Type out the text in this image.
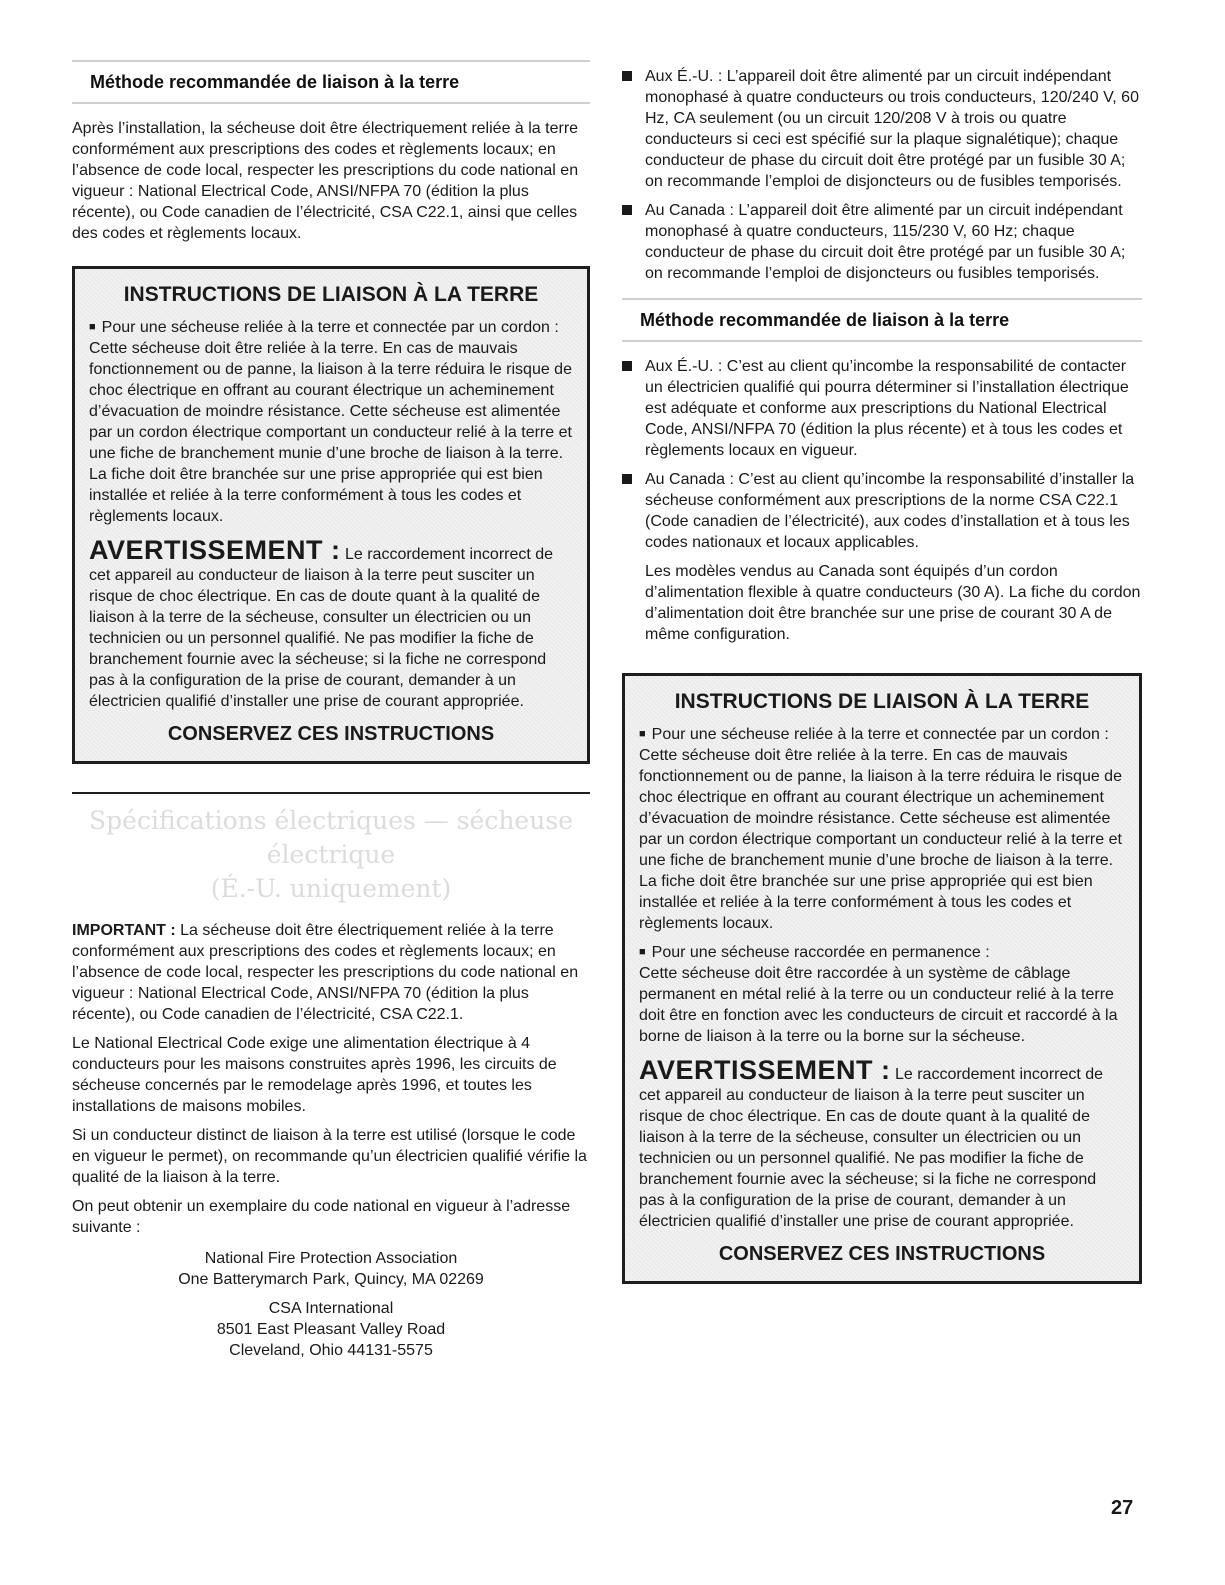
Méthode recommandée de liaison à la terre

Après l’installation, la sécheuse doit être électriquement reliée à la terre conformément aux prescriptions des codes et règlements locaux; en l’absence de code local, respecter les prescriptions du code national en vigueur : National Electrical Code, ANSI/NFPA 70 (édition la plus récente), ou Code canadien de l’électricité, CSA C22.1, ainsi que celles des codes et règlements locaux.

INSTRUCTIONS DE LIAISON À LA TERRE
■ Pour une sécheuse reliée à la terre et connectée par un cordon :
Cette sécheuse doit être reliée à la terre. En cas de mauvais fonctionnement ou de panne, la liaison à la terre réduira le risque de choc électrique en offrant au courant électrique un acheminement d’évacuation de moindre résistance. Cette sécheuse est alimentée par un cordon électrique comportant un conducteur relié à la terre et une fiche de branchement munie d’une broche de liaison à la terre. La fiche doit être branchée sur une prise appropriée qui est bien installée et reliée à la terre conformément à tous les codes et règlements locaux.
AVERTISSEMENT : Le raccordement incorrect de cet appareil au conducteur de liaison à la terre peut susciter un risque de choc électrique. En cas de doute quant à la qualité de liaison à la terre de la sécheuse, consulter un électricien ou un technicien ou un personnel qualifié. Ne pas modifier la fiche de branchement fournie avec la sécheuse; si la fiche ne correspond pas à la configuration de la prise de courant, demander à un électricien qualifié d’installer une prise de courant appropriée.
CONSERVEZ CES INSTRUCTIONS
Spécifications électriques — sécheuse électrique
(É.-U. uniquement)

IMPORTANT : La sécheuse doit être électriquement reliée à la terre conformément aux prescriptions des codes et règlements locaux; en l’absence de code local, respecter les prescriptions du code national en vigueur : National Electrical Code, ANSI/NFPA 70 (édition la plus récente), ou Code canadien de l’électricité, CSA C22.1.

Le National Electrical Code exige une alimentation électrique à 4 conducteurs pour les maisons construites après 1996, les circuits de sécheuse concernés par le remodelage après 1996, et toutes les installations de maisons mobiles.

Si un conducteur distinct de liaison à la terre est utilisé (lorsque le code en vigueur le permet), on recommande qu’un électricien qualifié vérifie la qualité de la liaison à la terre.

On peut obtenir un exemplaire du code national en vigueur à l’adresse suivante :

National Fire Protection Association
One Batterymarch Park, Quincy, MA 02269
CSA International
8501 East Pleasant Valley Road
Cleveland, Ohio 44131-5575
Aux É.-U. : L’appareil doit être alimenté par un circuit indépendant monophasé à quatre conducteurs ou trois conducteurs, 120/240 V, 60 Hz, CA seulement (ou un circuit 120/208 V à trois ou quatre conducteurs si ceci est spécifié sur la plaque signalétique); chaque conducteur de phase du circuit doit être protégé par un fusible 30 A; on recommande l’emploi de disjoncteurs ou de fusibles temporisés.
Au Canada : L’appareil doit être alimenté par un circuit indépendant monophasé à quatre conducteurs, 115/230 V, 60 Hz; chaque conducteur de phase du circuit doit être protégé par un fusible 30 A; on recommande l’emploi de disjoncteurs ou fusibles temporisés.
Méthode recommandée de liaison à la terre
Aux É.-U. : C’est au client qu’incombe la responsabilité de contacter un électricien qualifié qui pourra déterminer si l’installation électrique est adéquate et conforme aux prescriptions du National Electrical Code, ANSI/NFPA 70 (édition la plus récente) et à tous les codes et règlements locaux en vigueur.
Au Canada : C’est au client qu’incombe la responsabilité d’installer la sécheuse conformément aux prescriptions de la norme CSA C22.1 (Code canadien de l’électricité), aux codes d’installation et à tous les codes nationaux et locaux applicables.

Les modèles vendus au Canada sont équipés d’un cordon d’alimentation flexible à quatre conducteurs (30 A). La fiche du cordon d’alimentation doit être branchée sur une prise de courant 30 A de même configuration.

INSTRUCTIONS DE LIAISON À LA TERRE
■ Pour une sécheuse reliée à la terre et connectée par un cordon :
Cette sécheuse doit être reliée à la terre. En cas de mauvais fonctionnement ou de panne, la liaison à la terre réduira le risque de choc électrique en offrant au courant électrique un acheminement d’évacuation de moindre résistance. Cette sécheuse est alimentée par un cordon électrique comportant un conducteur relié à la terre et une fiche de branchement munie d’une broche de liaison à la terre. La fiche doit être branchée sur une prise appropriée qui est bien installée et reliée à la terre conformément à tous les codes et règlements locaux.
■ Pour une sécheuse raccordée en permanence :
Cette sécheuse doit être raccordée à un système de câblage permanent en métal relié à la terre ou un conducteur relié à la terre doit être en fonction avec les conducteurs de circuit et raccordé à la borne de liaison à la terre ou la borne sur la sécheuse.
AVERTISSEMENT : Le raccordement incorrect de cet appareil au conducteur de liaison à la terre peut susciter un risque de choc électrique. En cas de doute quant à la qualité de liaison à la terre de la sécheuse, consulter un électricien ou un technicien ou un personnel qualifié. Ne pas modifier la fiche de branchement fournie avec la sécheuse; si la fiche ne correspond pas à la configuration de la prise de courant, demander à un électricien qualifié d’installer une prise de courant appropriée.
CONSERVEZ CES INSTRUCTIONS
27
